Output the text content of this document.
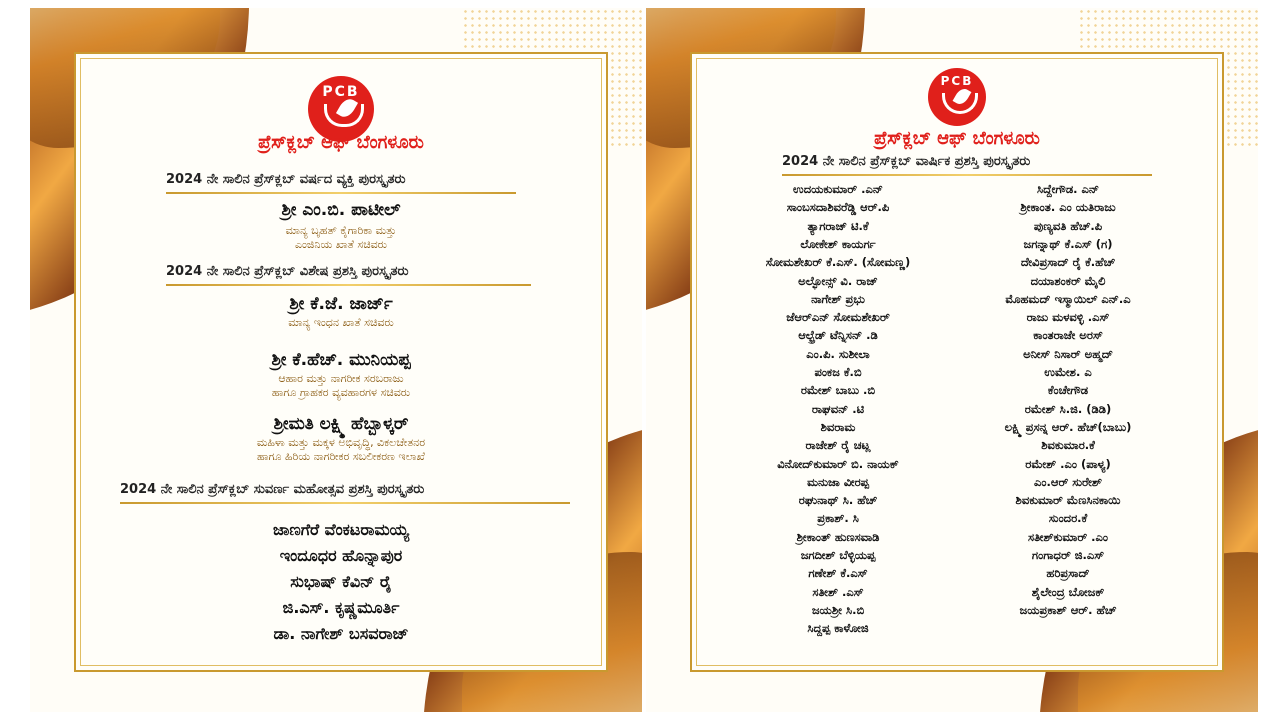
PCB
ಪ್ರೆಸ್‌ಕ್ಲಬ್ ಆಫ್ ಬೆಂಗಳೂರು
2024 ನೇ ಸಾಲಿನ ಪ್ರೆಸ್‌ಕ್ಲಬ್ ವರ್ಷದ ವ್ಯಕ್ತಿ ಪುರಸ್ಕೃತರು
ಶ್ರೀ ಎಂ.ಬಿ. ಪಾಟೀಲ್
ಮಾನ್ಯ ಬೃಹತ್ ಕೈಗಾರಿಕಾ ಮತ್ತು
ಎಂಜಿನಿಯ ಖಾತೆ ಸಚಿವರು
2024 ನೇ ಸಾಲಿನ ಪ್ರೆಸ್‌ಕ್ಲಬ್ ವಿಶೇಷ ಪ್ರಶಸ್ತಿ ಪುರಸ್ಕೃತರು
ಶ್ರೀ ಕೆ.ಜೆ. ಜಾರ್ಜ್
ಮಾನ್ಯ ಇಂಧನ ಖಾತೆ ಸಚಿವರು
ಶ್ರೀ ಕೆ.ಹೆಚ್. ಮುನಿಯಪ್ಪ
ಆಹಾರ ಮತ್ತು ನಾಗರೀಕ ಸರಬರಾಜು
ಹಾಗೂ ಗ್ರಾಹಕರ ವ್ಯವಹಾರಗಳ ಸಚಿವರು
ಶ್ರೀಮತಿ ಲಕ್ಷ್ಮಿ ಹೆಬ್ಬಾಳ್ಕರ್
ಮಹಿಳಾ ಮತ್ತು ಮಕ್ಕಳ ಅಭಿವೃದ್ಧಿ, ವಿಕಲಚೇತನರ
ಹಾಗೂ ಹಿರಿಯ ನಾಗರೀಕರ ಸಬಲೀಕರಣ ಇಲಾಖೆ
2024 ನೇ ಸಾಲಿನ ಪ್ರೆಸ್‌ಕ್ಲಬ್ ಸುವರ್ಣ ಮಹೋತ್ಸವ ಪ್ರಶಸ್ತಿ ಪುರಸ್ಕೃತರು
ಜಾಣಗೆರೆ ವೆಂಕಟರಾಮಯ್ಯ
ಇಂದೂಧರ ಹೊನ್ನಾಪುರ
ಸುಭಾಷ್ ಕೆವಿನ್ ರೈ
ಜಿ.ಎಸ್. ಕೃಷ್ಣಮೂರ್ತಿ
ಡಾ. ನಾಗೇಶ್ ಬಸವರಾಜ್
PCB
ಪ್ರೆಸ್‌ಕ್ಲಬ್ ಆಫ್ ಬೆಂಗಳೂರು
2024 ನೇ ಸಾಲಿನ ಪ್ರೆಸ್‌ಕ್ಲಬ್ ವಾರ್ಷಿಕ ಪ್ರಶಸ್ತಿ ಪುರಸ್ಕೃತರು
ಉದಯಕುಮಾರ್ .ಎನ್
ಸಾಂಬಸದಾಶಿವರೆಡ್ಡಿ ಆರ್.ಪಿ
ತ್ಯಾಗರಾಜ್ ಟಿ.ಕೆ
ಲೋಕೇಶ್ ಕಾಯರ್ಗ
ಸೋಮಶೇಖರ್ ಕೆ.ಎಸ್. (ಸೋಮಣ್ಣ)
ಅಲ್ಫೋನ್ಸ್ ವಿ. ರಾಜ್
ನಾಗೇಶ್ ಪ್ರಭು
ಜೆಆರ್‌ಎನ್ ಸೋಮಶೇಖರ್
ಆಲ್ಫ್ರೆಡ್ ಟೆನ್ನಿಸನ್ .ಡಿ
ಎಂ.ಪಿ. ಸುಶೀಲಾ
ಪಂಕಜ ಕೆ.ಬಿ
ರಮೇಶ್ ಬಾಬು .ಬಿ
ರಾಘವನ್ .ಟಿ
ಶಿವರಾಮ
ರಾಜೇಶ್ ರೈ ಚಟ್ಲ
ವಿನೋದ್‌ಕುಮಾರ್ ಬಿ. ನಾಯಕ್
ಮನುಜಾ ವೀರಪ್ಪ
ರಘುನಾಥ್ ಸಿ. ಹೆಚ್
ಪ್ರಕಾಶ್. ಸಿ
ಶ್ರೀಕಾಂತ್ ಹುಣಸವಾಡಿ
ಜಗದೀಶ್ ಬೆಳ್ಳಿಯಪ್ಪ
ಗಣೇಶ್ ಕೆ.ಎಸ್
ಸತೀಶ್ .ಎಸ್
ಜಯಶ್ರೀ ಸಿ.ಬಿ
ಸಿದ್ದಪ್ಪ ಕಾಳೋಜಿ
ಸಿದ್ದೇಗೌಡ. ಎನ್
ಶ್ರೀಕಾಂತ. ಎಂ ಯತಿರಾಜು
ಪುಣ್ಯವತಿ ಹೆಚ್.ಪಿ
ಜಗನ್ನಾಥ್ ಕೆ.ಎಸ್ (ಗ)
ದೇವಿಪ್ರಸಾದ್ ರೈ ಕೆ.ಹೆಚ್
ದಯಾಶಂಕರ್ ಮೈಲಿ
ಮೊಹಮದ್ ಇಸ್ಮಾಯಿಲ್ ಎನ್.ಎ
ರಾಜು ಮಳವಳ್ಳಿ .ಎಸ್
ಕಾಂತರಾಜೇ ಅರಸ್
ಅನೀಸ್ ನಿಸಾರ್ ಅಹ್ಮದ್
ಉಮೇಶ. ಎ
ಕೆಂಚೇಗೌಡ
ರಮೇಶ್ ಸಿ.ಜಿ. (ಡಿಡಿ)
ಲಕ್ಷ್ಮಿ ಪ್ರಸನ್ನ ಆರ್. ಹೆಚ್(ಬಾಬು)
ಶಿವಕುಮಾರ.ಕೆ
ರಮೇಶ್ .ಎಂ (ಪಾಳ್ಯ)
ಎಂ.ಆರ್ ಸುರೇಶ್
ಶಿವಕುಮಾರ್ ಮೆಣಸಿನಕಾಯಿ
ಸುಂದರ.ಕೆ
ಸತೀಶ್‌ಕುಮಾರ್ .ಎಂ
ಗಂಗಾಧರ್ ಜಿ.ಎಸ್
ಹರಿಪ್ರಸಾದ್
ಶೈಲೇಂದ್ರ ಬೋಜಕ್
ಜಯಪ್ರಕಾಶ್ ಆರ್. ಹೆಚ್
